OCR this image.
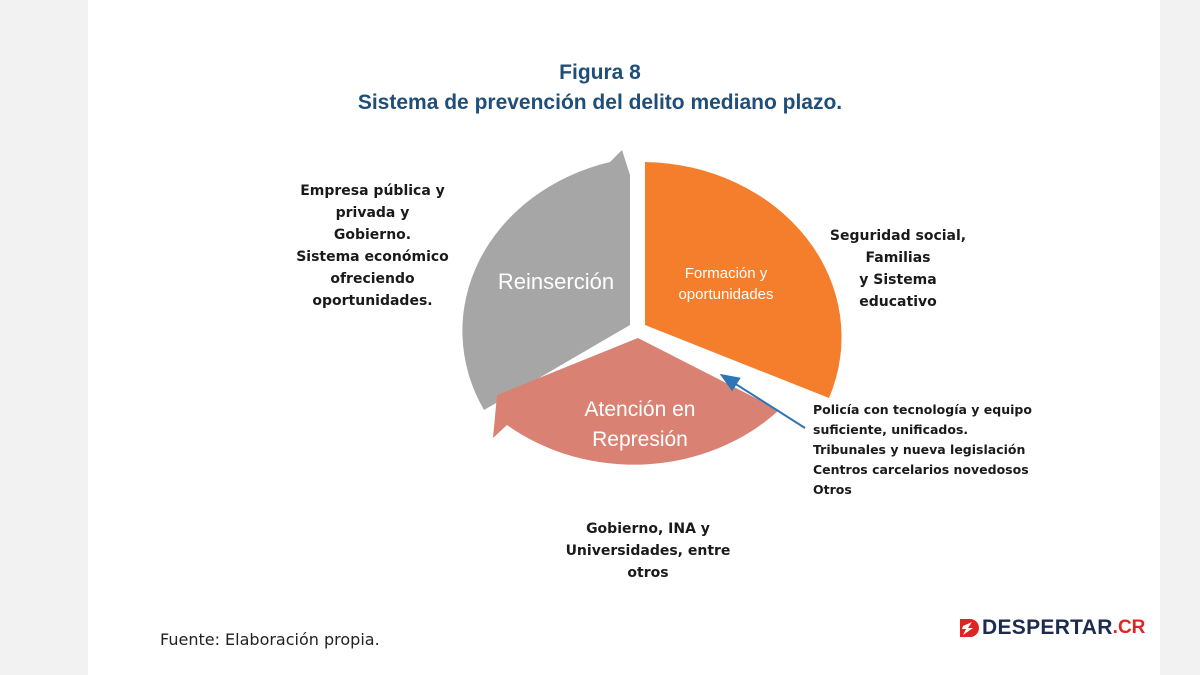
Figura 8
Sistema de prevención del delito mediano plazo.
Reinserción	Formación y
oportunidades
Atención en
Represión
Empresa pública y
privada y
Gobierno.
Sistema económico
ofreciendo
oportunidades.
Seguridad social,
Familias
y Sistema
educativo
Gobierno, INA y
Universidades, entre
otros
Policía con tecnología y equipo
suficiente, unificados.
Tribunales y nueva legislación
Centros carcelarios novedosos
Otros
Fuente: Elaboración propia.
DESPERTAR .CR
